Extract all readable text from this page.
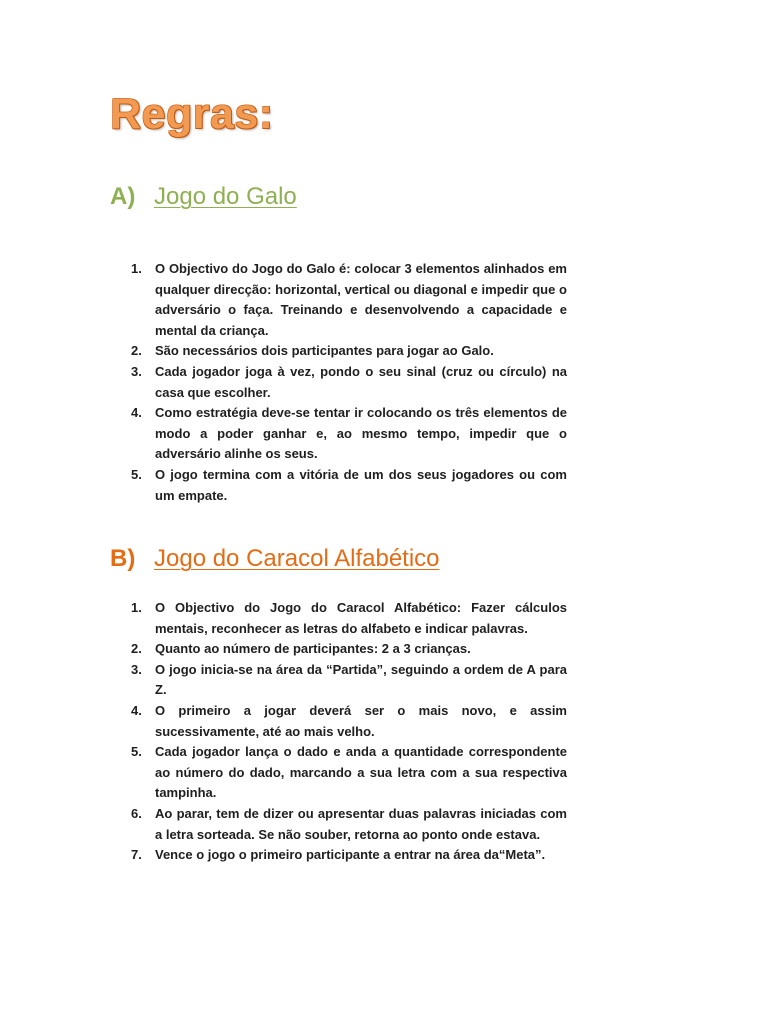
Regras:
A) Jogo do Galo
1.	O Objectivo do Jogo do Galo é: colocar 3 elementos alinhados em qualquer direcção: horizontal, vertical ou diagonal e impedir que o adversário o faça. Treinando e desenvolvendo a capacidade e mental da criança.
2.	São necessários dois participantes para jogar ao Galo.
3.	Cada jogador joga à vez, pondo o seu sinal (cruz ou círculo) na casa que escolher.
4.	Como estratégia deve-se tentar ir colocando os três elementos de modo a poder ganhar e, ao mesmo tempo, impedir que o adversário alinhe os seus.
5.	O jogo termina com a vitória de um dos seus jogadores ou com um empate.
B) Jogo do Caracol Alfabético
1.	O Objectivo do Jogo do Caracol Alfabético: Fazer cálculos mentais, reconhecer as letras do alfabeto e indicar palavras.
2.	Quanto ao número de participantes: 2 a 3 crianças.
3.	O jogo inicia-se na área da “Partida”, seguindo a ordem de A para Z.
4.	O primeiro a jogar deverá ser o mais novo, e assim sucessivamente, até ao mais velho.
5.	Cada jogador lança o dado e anda a quantidade correspondente ao número do dado, marcando a sua letra com a sua respectiva tampinha.
6.	Ao parar, tem de dizer ou apresentar duas palavras iniciadas com a letra sorteada. Se não souber, retorna ao ponto onde estava.
7.	Vence o jogo o primeiro participante a entrar na área da“Meta”.
